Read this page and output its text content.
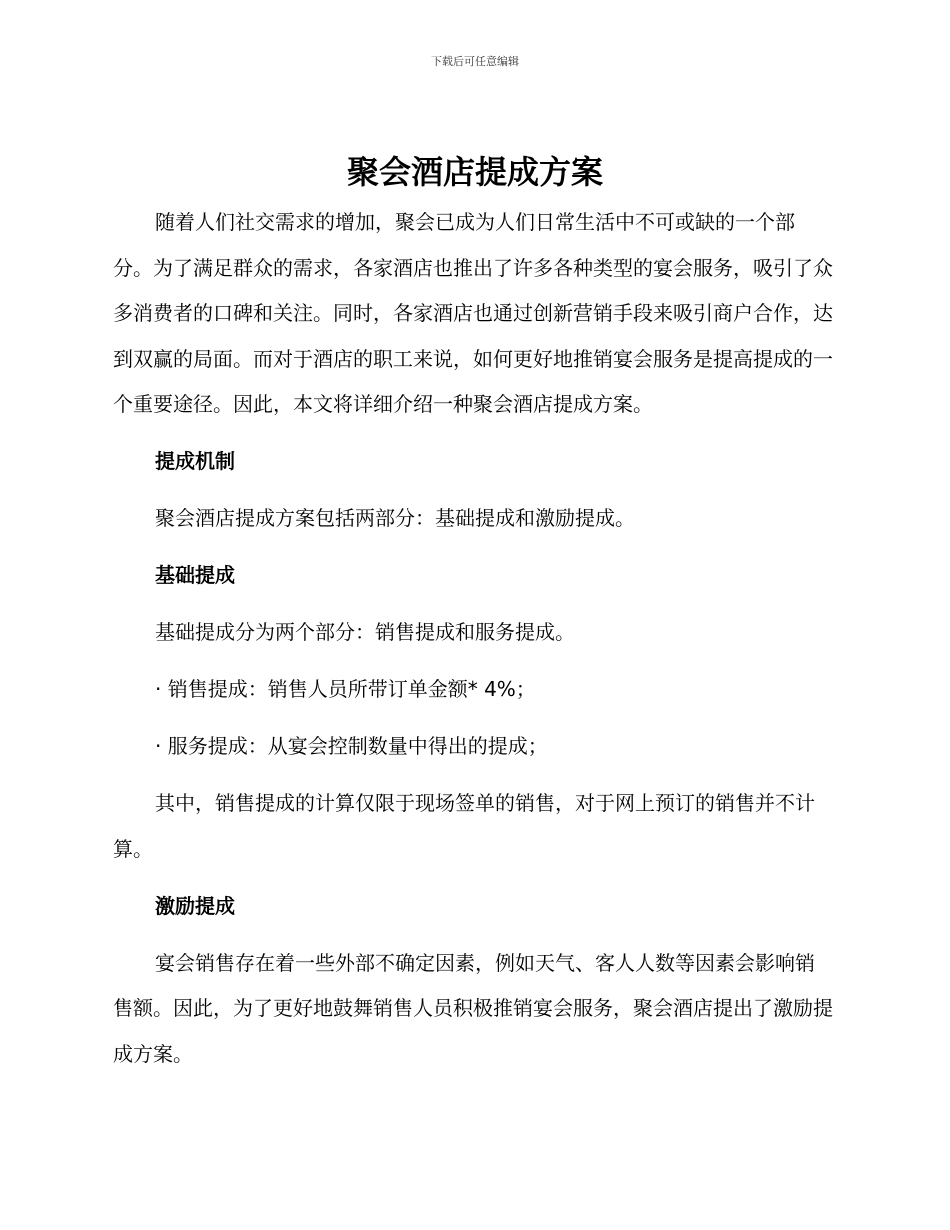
下载后可任意编辑
聚会酒店提成方案

随着人们社交需求的增加，聚会已成为人们日常生活中不可或缺的一个部分。为了满足群众的需求，各家酒店也推出了许多各种类型的宴会服务，吸引了众多消费者的口碑和关注。同时，各家酒店也通过创新营销手段来吸引商户合作，达到双赢的局面。而对于酒店的职工来说，如何更好地推销宴会服务是提高提成的一个重要途径。因此，本文将详细介绍一种聚会酒店提成方案。

提成机制

聚会酒店提成方案包括两部分：基础提成和激励提成。

基础提成

基础提成分为两个部分：销售提成和服务提成。

· 销售提成：销售人员所带订单金额* 4%；

· 服务提成：从宴会控制数量中得出的提成；

其中，销售提成的计算仅限于现场签单的销售，对于网上预订的销售并不计算。

激励提成

宴会销售存在着一些外部不确定因素，例如天气、客人人数等因素会影响销售额。因此，为了更好地鼓舞销售人员积极推销宴会服务，聚会酒店提出了激励提成方案。
